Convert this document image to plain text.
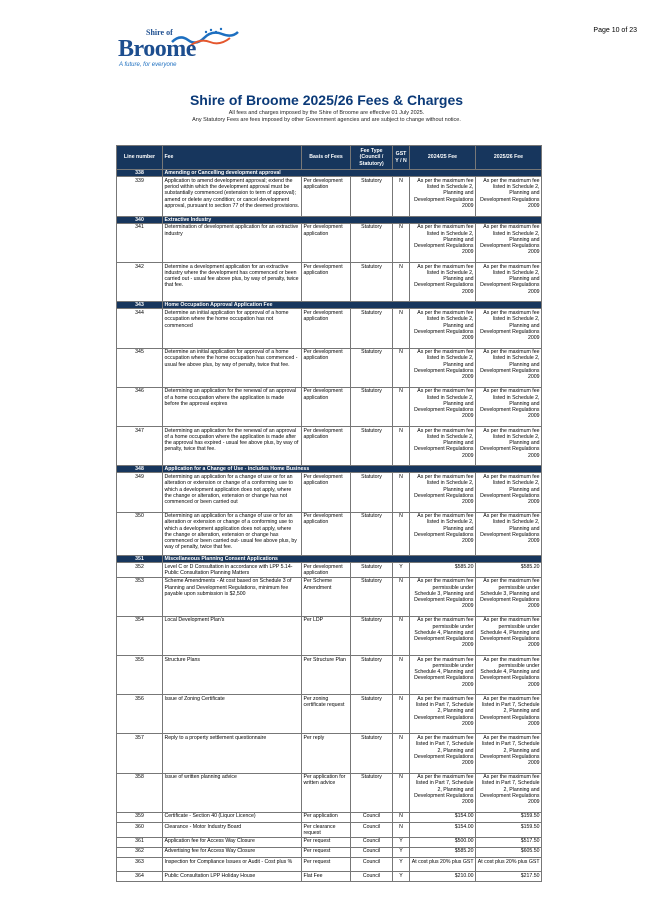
Page 10 of 23
Shire of
Broome
A future, for everyone
Shire of Broome 2025/26 Fees & Charges
All fees and charges imposed by the Shire of Broome are effective 01 July 2025.
Any Statutory Fees are fees imposed by other Government agencies and are subject to change without notice.
Line number	Fee	Basis of Fees	Fee Type (Council / Statutory)	GST Y / N	2024/25 Fee	2025/26 Fee
338	Amending or Cancelling development approval					
339	Application to amend development approval; extend the period within which the development approval must be substantially commenced (extension to term of approval); amend or delete any condition; or cancel development approval, pursuant to section 77 of the deemed provisions.	Per development application	Statutory	N	As per the maximum fee listed in Schedule 2, Planning and Development Regulations 2009	As per the maximum fee listed in Schedule 2, Planning and Development Regulations 2009
340	Extractive Industry					
341	Determination of development application for an extractive industry	Per development application	Statutory	N	As per the maximum fee listed in Schedule 2, Planning and Development Regulations 2009	As per the maximum fee listed in Schedule 2, Planning and Development Regulations 2009
342	Determine a development application for an extractive industry where the development has commenced or been carried out - usual fee above plus, by way of penalty, twice that fee.	Per development application	Statutory	N	As per the maximum fee listed in Schedule 2, Planning and Development Regulations 2009	As per the maximum fee listed in Schedule 2, Planning and Development Regulations 2009
343	Home Occupation Approval Application Fee					
344	Determine an initial application for approval of a home occupation where the home occupation has not commenced	Per development application	Statutory	N	As per the maximum fee listed in Schedule 2, Planning and Development Regulations 2009	As per the maximum fee listed in Schedule 2, Planning and Development Regulations 2009
345	Determine an initial application for approval of a home occupation where the home occupation has commenced - usual fee above plus, by way of penalty, twice that fee.	Per development application	Statutory	N	As per the maximum fee listed in Schedule 2, Planning and Development Regulations 2009	As per the maximum fee listed in Schedule 2, Planning and Development Regulations 2009
346	Determining an application for the renewal of an approval of a home occupation where the application is made before the approval expires	Per development application	Statutory	N	As per the maximum fee listed in Schedule 2, Planning and Development Regulations 2009	As per the maximum fee listed in Schedule 2, Planning and Development Regulations 2009
347	Determining an application for the renewal of an approval of a home occupation where the application is made after the approval has expired - usual fee above plus, by way of penalty, twice that fee.	Per development application	Statutory	N	As per the maximum fee listed in Schedule 2, Planning and Development Regulations 2009	As per the maximum fee listed in Schedule 2, Planning and Development Regulations 2009
348	Application for a Change of Use - includes Home Business					
349	Determining an application for a change of use or for an alteration or extension or change of a conforming use to which a development application does not apply, where the change or alteration, extension or change has not commenced or been carried out	Per development application	Statutory	N	As per the maximum fee listed in Schedule 2, Planning and Development Regulations 2009	As per the maximum fee listed in Schedule 2, Planning and Development Regulations 2009
350	Determining an application for a change of use or for an alteration or extension or change of a conforming use to which a development application does not apply, where the change or alteration, extension or change has commenced or been carried out- usual fee above plus, by way of penalty, twice that fee.	Per development application	Statutory	N	As per the maximum fee listed in Schedule 2, Planning and Development Regulations 2009	As per the maximum fee listed in Schedule 2, Planning and Development Regulations 2009
351	Miscellaneous Planning Consent Applications					
352	Level C or D Consultation in accordance with LPP 5.14- Public Consultation Planning Matters	Per development application	Statutory	Y	$585.20	$585.20
353	Scheme Amendments - At cost based on Schedule 3 of Planning and Development Regulations, minimum fee payable upon submission is $2,500	Per Scheme Amendment	Statutory	N	As per the maximum fee permissible under Schedule 3, Planning and Development Regulations 2009	As per the maximum fee permissible under Schedule 3, Planning and Development Regulations 2009
354	Local Development Plan's	Per LDP	Statutory	N	As per the maximum fee permissible under Schedule 4, Planning and Development Regulations 2009	As per the maximum fee permissible under Schedule 4, Planning and Development Regulations 2009
355	Structure Plans	Per Structure Plan	Statutory	N	As per the maximum fee permissible under Schedule 4, Planning and Development Regulations 2009	As per the maximum fee permissible under Schedule 4, Planning and Development Regulations 2009
356	Issue of Zoning Certificate	Per zoning certificate request	Statutory	N	As per the maximum fee listed in Part 7, Schedule 2, Planning and Development Regulations 2009	As per the maximum fee listed in Part 7, Schedule 2, Planning and Development Regulations 2009
357	Reply to a property settlement questionnaire	Per reply	Statutory	N	As per the maximum fee listed in Part 7, Schedule 2, Planning and Development Regulations 2009	As per the maximum fee listed in Part 7, Schedule 2, Planning and Development Regulations 2009
358	Issue of written planning advice	Per application for written advice	Statutory	N	As per the maximum fee listed in Part 7, Schedule 2, Planning and Development Regulations 2009	As per the maximum fee listed in Part 7, Schedule 2, Planning and Development Regulations 2009
359	Certificate - Section 40 (Liquor Licence)	Per application	Council	N	$154.00	$159.50
360	Clearance - Motor Industry Board	Per clearance request	Council	N	$154.00	$159.50
361	Application fee for Access Way Closure	Per request	Council	Y	$500.00	$517.50
362	Advertising fee for Access Way Closure	Per request	Council	Y	$585.20	$605.50
363	Inspection for Compliance Issues or Audit - Cost plus %	Per request	Council	Y	At cost plus 20% plus GST	At cost plus 20% plus GST
364	Public Consultation LPP Holiday House	Flat Fee	Council	Y	$210.00	$217.50
